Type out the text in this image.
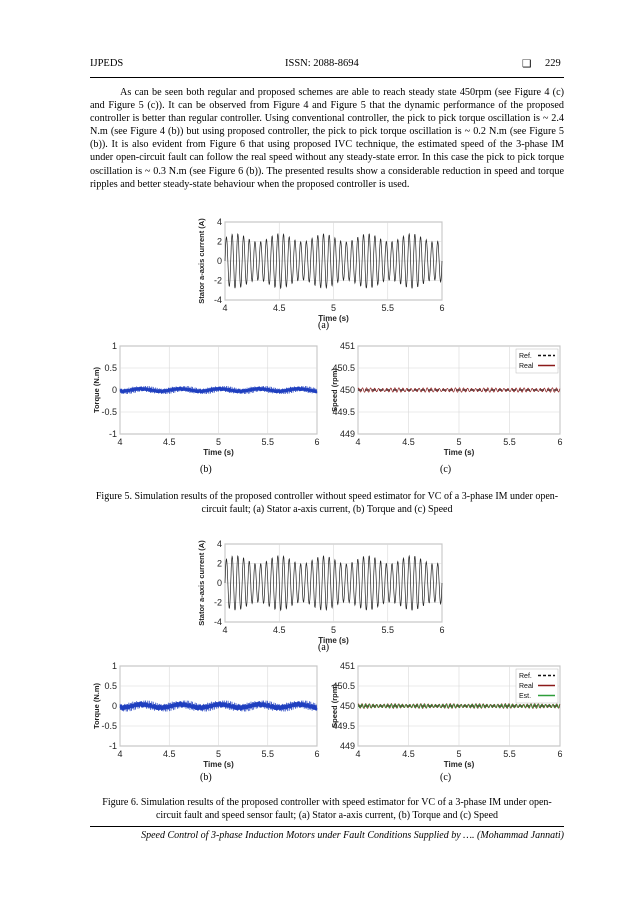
IJPEDS	ISSN: 2088-8694	❑ 229

As can be seen both regular and proposed schemes are able to reach steady state 450rpm (see Figure 4 (c) and Figure 5 (c)). It can be observed from Figure 4 and Figure 5 that the dynamic performance of the proposed controller is better than regular controller. Using conventional controller, the pick to pick torque oscillation is ~ 2.4 N.m (see Figure 4 (b)) but using proposed controller, the pick to pick torque oscillation is ~ 0.2 N.m (see Figure 5 (b)). It is also evident from Figure 6 that using proposed IVC technique, the estimated speed of the 3-phase IM under open-circuit fault can follow the real speed without any steady-state error. In this case the pick to pick torque oscillation is ~ 0.3 N.m (see Figure 6 (b)). The presented results show a considerable reduction in speed and torque ripples and better steady-state behaviour when the proposed controller is used.

4	4.5	5	5.5	6
-4
-2
0
2
4
Time (s)
Stator a-axis current (A)
(a)
4	4.5	5	5.5	6
-1
-0.5
0
0.5
1
Time (s)
Torque (N.m)
4	4.5	5	5.5	6
449
449.5
450
450.5
451
Time (s)
Speed (rpm)
Ref.
Real
(b)	(c)

Figure 5. Simulation results of the proposed controller without speed estimator for VC of a 3-phase IM under open-circuit fault; (a) Stator a-axis current, (b) Torque and (c) Speed

4	4.5	5	5.5	6
-4
-2
0
2
4
Time (s)
Stator a-axis current (A)
(a)
4	4.5	5	5.5	6
-1
-0.5
0
0.5
1
Time (s)
Torque (N.m)
4	4.5	5	5.5	6
449
449.5
450
450.5
451
Time (s)
Speed (rpm)
Ref.
Real
Est.
(b)	(c)

Figure 6. Simulation results of the proposed controller with speed estimator for VC of a 3-phase IM under open-circuit fault and speed sensor fault; (a) Stator a-axis current, (b) Torque and (c) Speed

Speed Control of 3-phase Induction Motors under Fault Conditions Supplied by …. (Mohammad Jannati)
